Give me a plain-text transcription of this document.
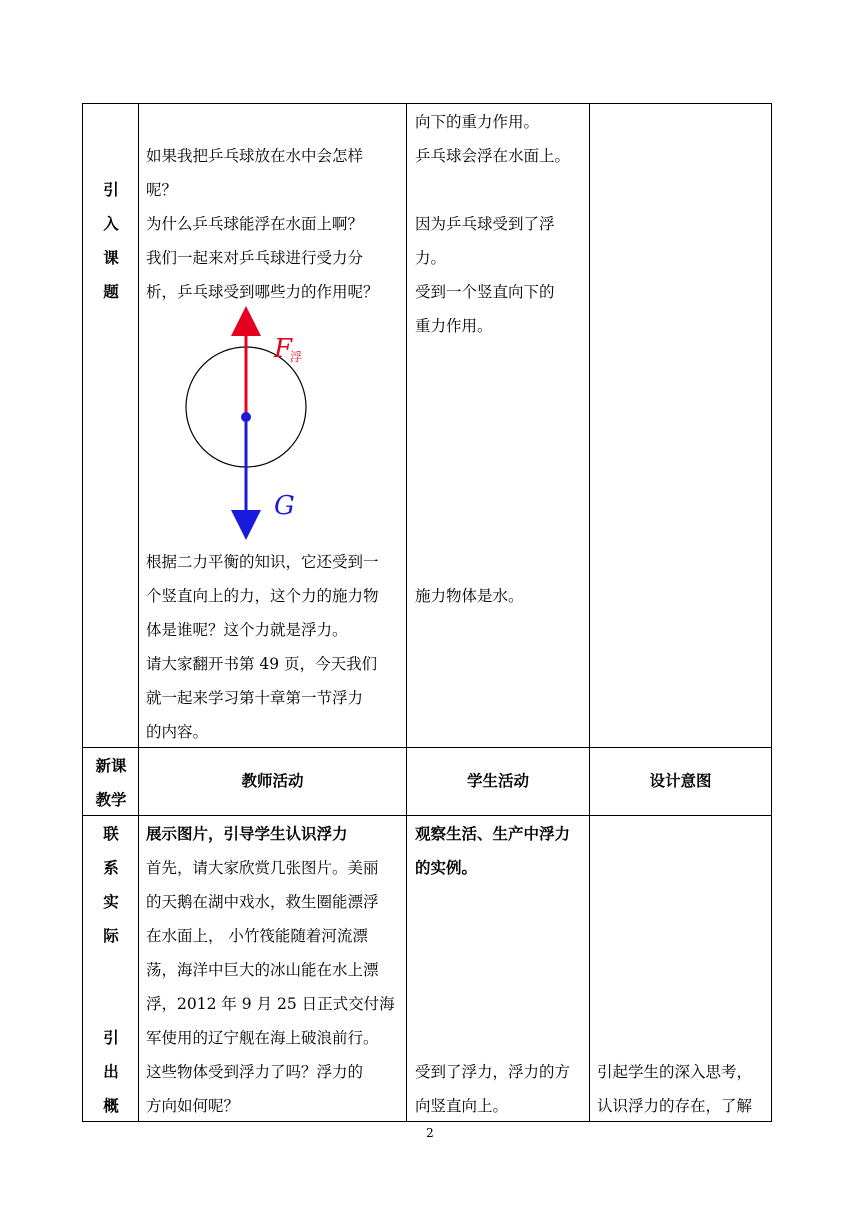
引
入
课
题
如果我把乒乓球放在水中会怎样
呢？
为什么乒乓球能浮在水面上啊？
我们一起来对乒乓球进行受力分
析，乒乓球受到哪些力的作用呢？
F
浮
G
根据二力平衡的知识，它还受到一
个竖直向上的力，这个力的施力物
体是谁呢？这个力就是浮力。
请大家翻开书第 49 页，今天我们
就一起来学习第十章第一节浮力
的内容。
向下的重力作用。
乒乓球会浮在水面上。
因为乒乓球受到了浮
力。
受到一个竖直向下的
重力作用。
施力物体是水。
新课
教学
教师活动	学生活动	设计意图
联
系
实
际
引
出
概
展示图片，引导学生认识浮力
首先，请大家欣赏几张图片。美丽
的天鹅在湖中戏水，救生圈能漂浮
在水面上， 小竹筏能随着河流漂
荡，海洋中巨大的冰山能在水上漂
浮，2012 年 9 月 25 日正式交付海
军使用的辽宁舰在海上破浪前行。
这些物体受到浮力了吗？浮力的
方向如何呢？
观察生活、生产中浮力
的实例。
受到了浮力，浮力的方
向竖直向上。
引起学生的深入思考，
认识浮力的存在，了解
2
